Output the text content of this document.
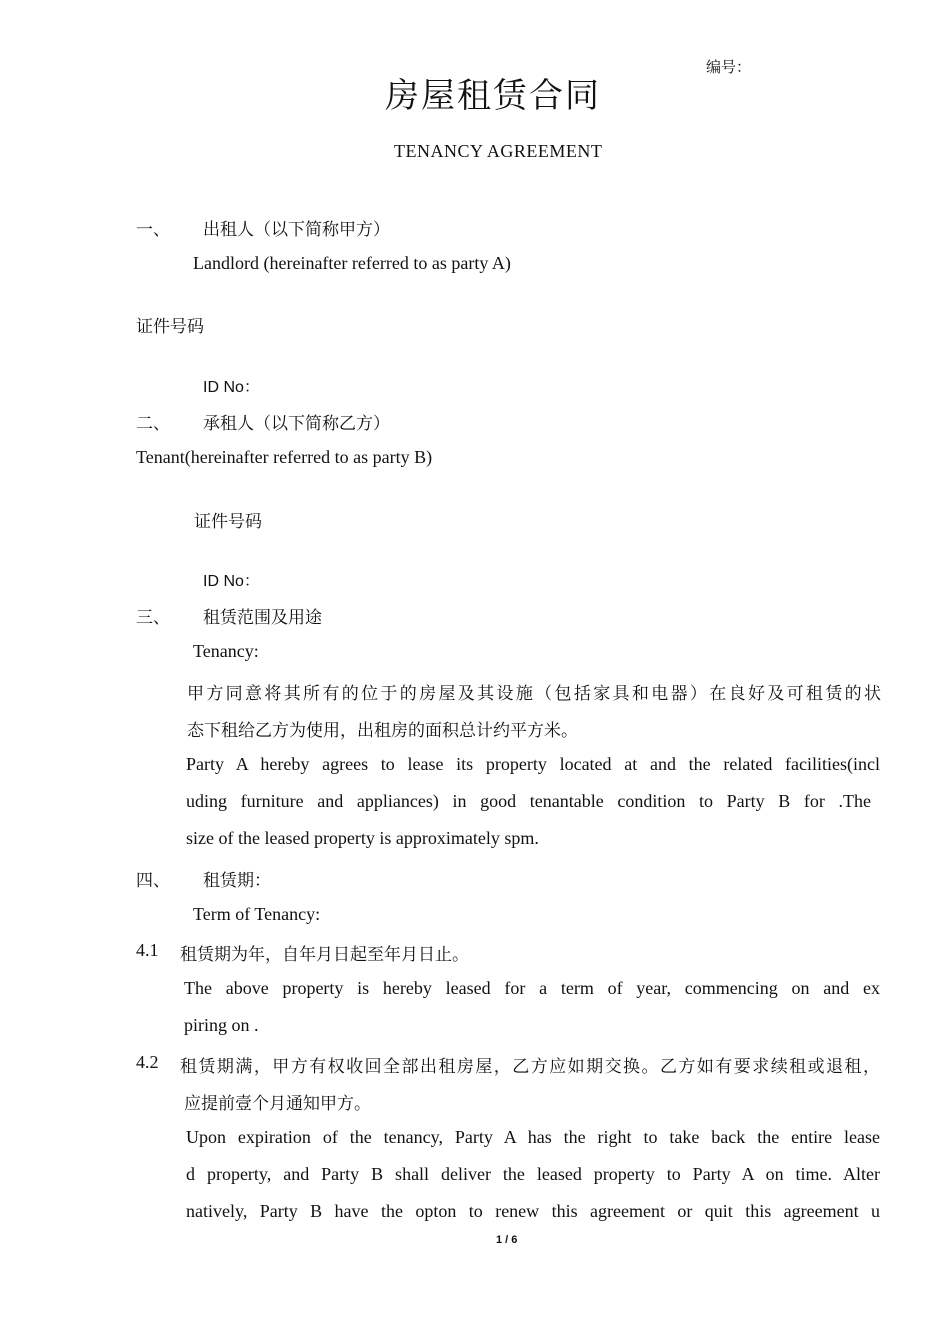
编号：
房屋租赁合同
TENANCY AGREEMENT
一、 出租人（以下简称甲方）
Landlord (hereinafter referred to as party A)
证件号码
ID No：
二、 承租人（以下简称乙方）
Tenant(hereinafter referred to as party B)
证件号码
ID No：
三、 租赁范围及用途
Tenancy:
甲方同意将其所有的位于的房屋及其设施（包括家具和电器）在良好及可租赁的状
态下租给乙方为使用，出租房的面积总计约平方米。
Party A hereby agrees to lease its property located at and the related facilities(incl
uding furniture and appliances) in good tenantable condition to Party B for .The
size of the leased property is approximately spm.
四、 租赁期：
Term of Tenancy:
4.1 租赁期为年，自年月日起至年月日止。
The above property is hereby leased for a term of year, commencing on and ex
piring on .
4.2 租赁期满，甲方有权收回全部出租房屋，乙方应如期交换。乙方如有要求续租或退租，
应提前壹个月通知甲方。
Upon expiration of the tenancy, Party A has the right to take back the entire lease
d property, and Party B shall deliver the leased property to Party A on time. Alter
natively, Party B have the opton to renew this agreement or quit this agreement u
1 / 6
